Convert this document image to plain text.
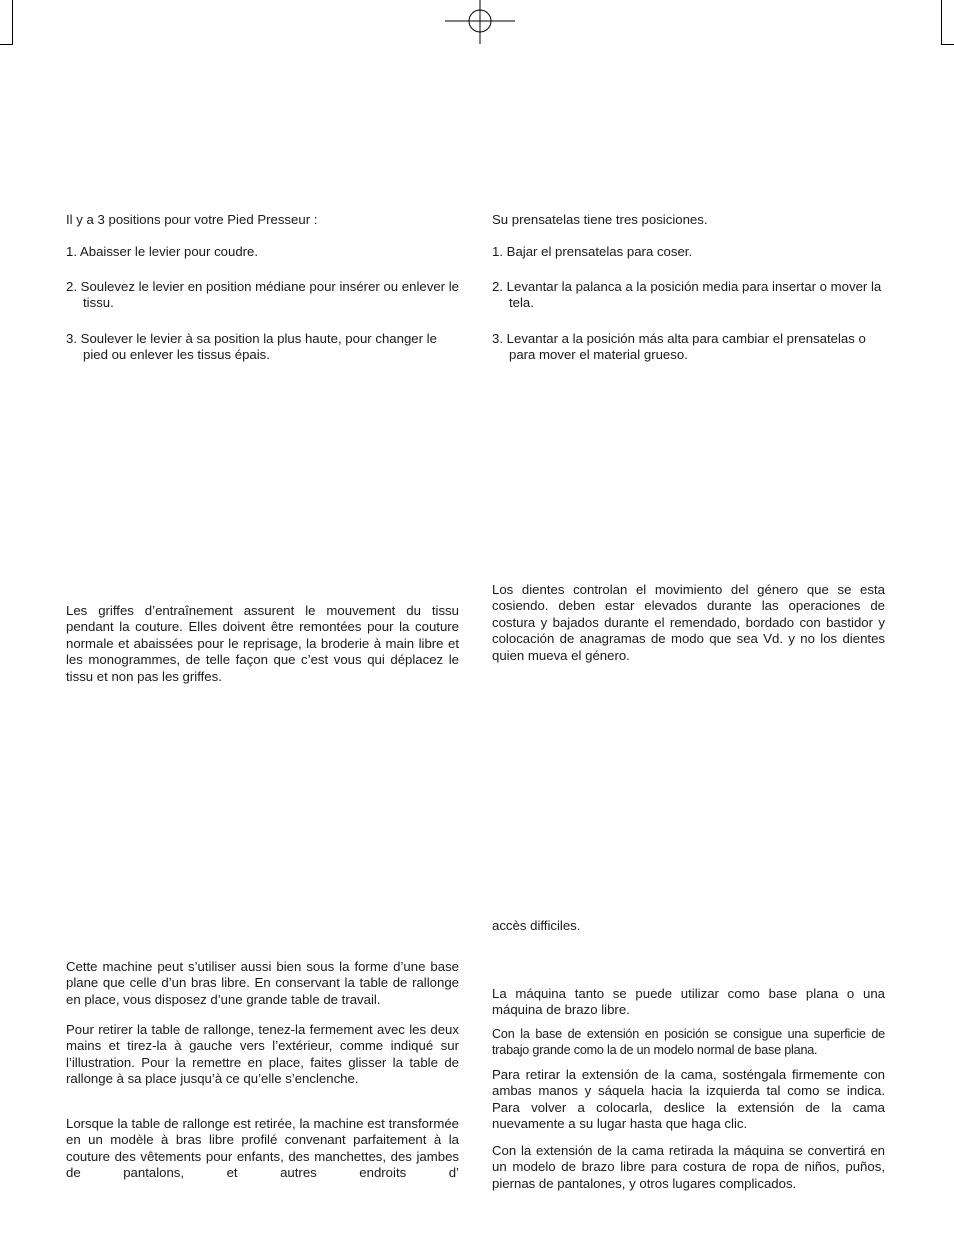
Il y a 3 positions pour votre Pied Presseur :

1. Abaisser le levier pour coudre.

2. Soulevez le levier en position médiane pour insérer ou enlever le tissu.

3. Soulever le levier à sa position la plus haute, pour changer le pied ou enlever les tissus épais.

Les griffes d’entraînement assurent le mouvement du tissu pendant la couture. Elles doivent être remontées pour la couture normale et abaissées pour le reprisage, la broderie à main libre et les monogrammes, de telle façon que c’est vous qui déplacez le tissu et non pas les griffes.

Cette machine peut s’utiliser aussi bien sous la forme d’une base plane que celle d’un bras libre. En conservant la table de rallonge en place, vous disposez d’une grande table de travail.

Pour retirer la table de rallonge, tenez-la fermement avec les deux mains et tirez-la à gauche vers l’extérieur, comme indiqué sur l’illustration. Pour la remettre en place, faites glisser la table de rallonge à sa place jusqu’à ce qu’elle s’enclenche.

Lorsque la table de rallonge est retirée, la machine est transformée en un modèle à bras libre profilé convenant parfaitement à la couture des vêtements pour enfants, des manchettes, des jambes de pantalons, et autres endroits d’

Su prensatelas tiene tres posiciones.

1. Bajar el prensatelas para coser.

2. Levantar la palanca a la posición media para insertar o mover la tela.

3. Levantar a la posición más alta para cambiar el prensatelas o para mover el material grueso.

Los dientes controlan el movimiento del género que se esta cosiendo. deben estar elevados durante las operaciones de costura y bajados durante el remendado, bordado con bastidor y colocación de anagramas de modo que sea Vd. y no los dientes quien mueva el género.

accès difficiles.

La máquina tanto se puede utilizar como base plana o una máquina de brazo libre.

Con la base de extensión en posición se consigue una superficie de trabajo grande como la de un modelo normal de base plana.

Para retirar la extensión de la cama, sosténgala firmemente con ambas manos y sáquela hacia la izquierda tal como se indica. Para volver a colocarla, deslice la extensión de la cama nuevamente a su lugar hasta que haga clic.

Con la extensión de la cama retirada la máquina se convertirá en un modelo de brazo libre para costura de ropa de niños, puños, piernas de pantalones, y otros lugares complicados.
